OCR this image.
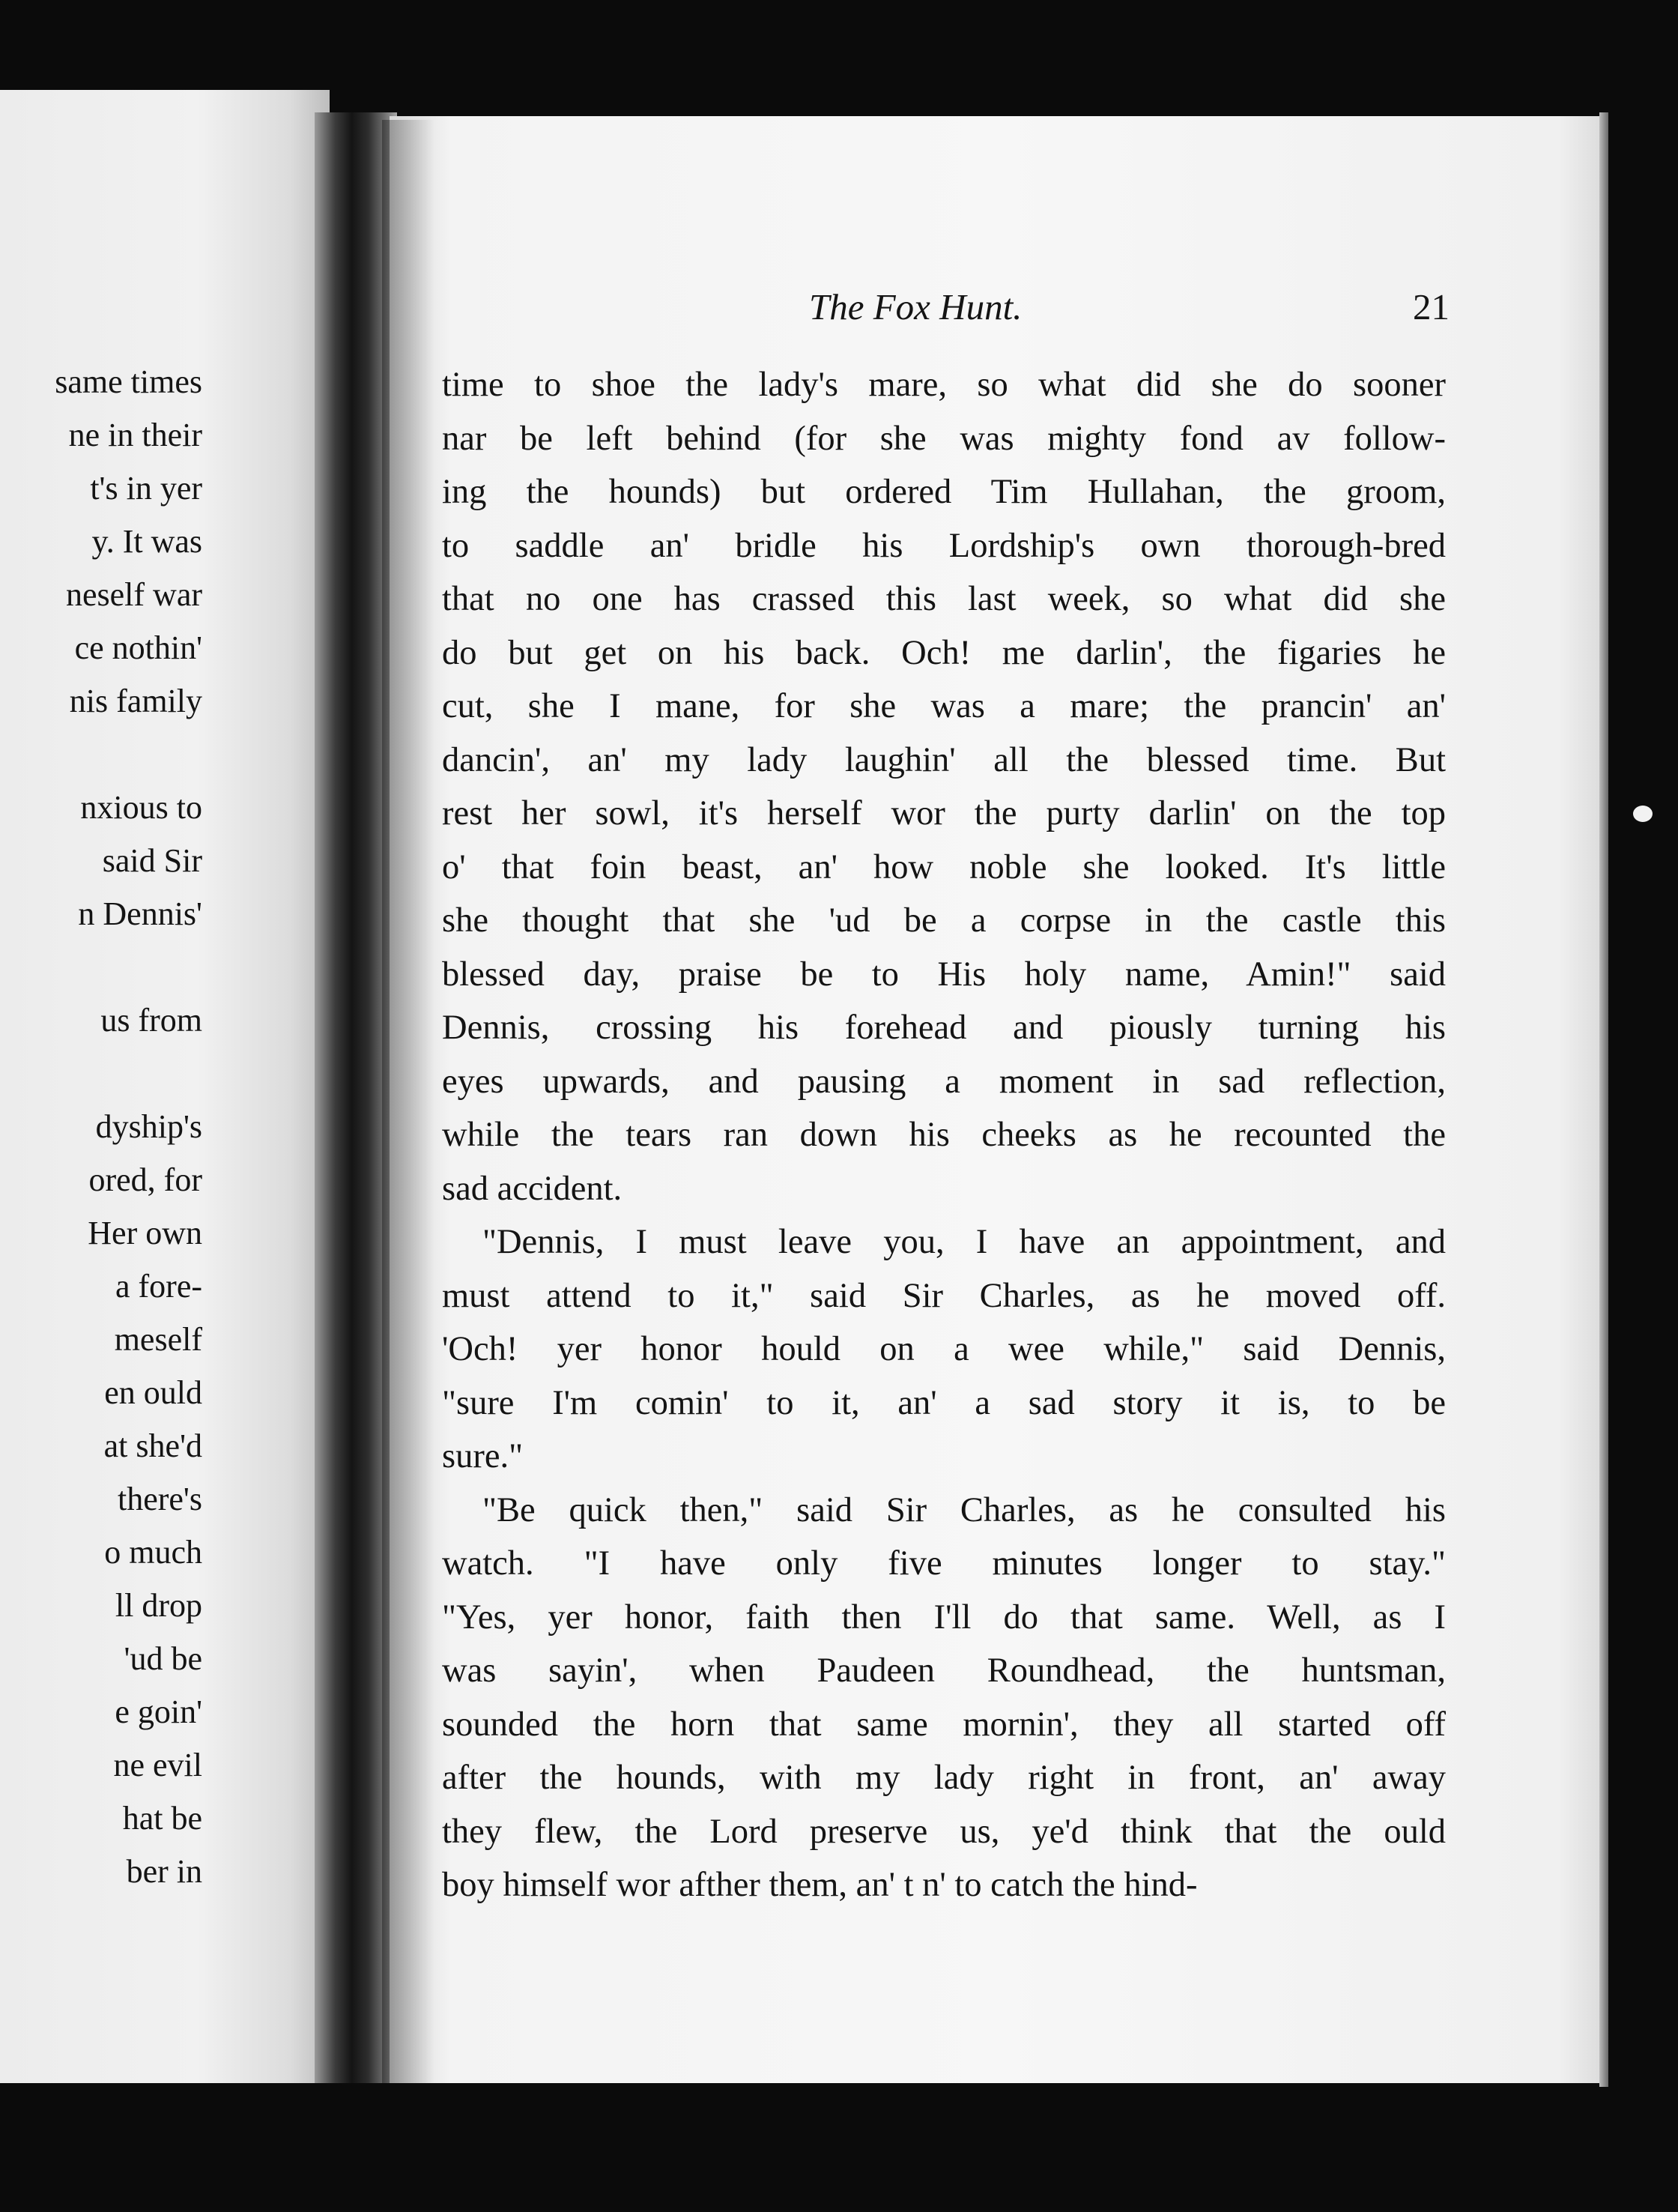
same times
ne in their
t's in yer
y. It was
neself war
ce nothin'
nis family
nxious to
said Sir
n Dennis'
us from
dyship's
ored, for
Her own
a fore-
meself
en ould
at she'd
there's
o much
ll drop
'ud be
e goin'
ne evil
hat be
ber in
The Fox Hunt.	21
time to shoe the lady's mare, so what did she do sooner
nar be left behind (for she was mighty fond av follow-
ing the hounds) but ordered Tim Hullahan, the groom,
to saddle an' bridle his Lordship's own thorough-bred
that no one has crassed this last week, so what did she
do but get on his back. Och! me darlin', the figaries he
cut, she I mane, for she was a mare; the prancin' an'
dancin', an' my lady laughin' all the blessed time. But
rest her sowl, it's herself wor the purty darlin' on the top
o' that foin beast, an' how noble she looked. It's little
she thought that she 'ud be a corpse in the castle this
blessed day, praise be to His holy name, Amin!" said
Dennis, crossing his forehead and piously turning his
eyes upwards, and pausing a moment in sad reflection,
while the tears ran down his cheeks as he recounted the
sad accident.
"Dennis, I must leave you, I have an appointment, and
must attend to it," said Sir Charles, as he moved off.
'Och! yer honor hould on a wee while," said Dennis,
"sure I'm comin' to it, an' a sad story it is, to be
sure."
"Be quick then," said Sir Charles, as he consulted his
watch. "I have only five minutes longer to stay."
"Yes, yer honor, faith then I'll do that same. Well, as I
was sayin', when Paudeen Roundhead, the huntsman,
sounded the horn that same mornin', they all started off
after the hounds, with my lady right in front, an' away
they flew, the Lord preserve us, ye'd think that the ould
boy himself wor afther them, an' t n' to catch the hind-
